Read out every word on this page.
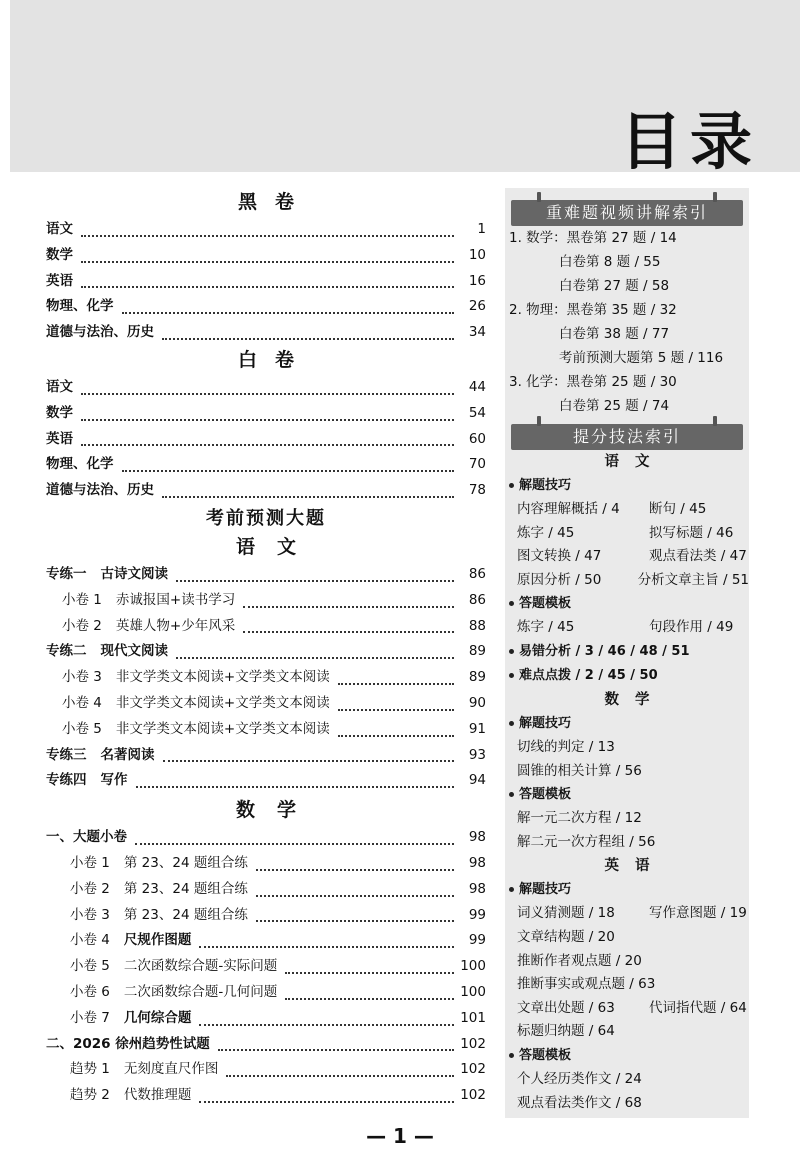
目录
黑卷
语文	1
数学	10
英语	16
物理、化学	26
道德与法治、历史	34
白卷
语文	44
数学	54
英语	60
物理、化学	70
道德与法治、历史	78
考前预测大题
语文
专练一 古诗文阅读	86
小卷 1 赤诚报国+读书学习	86
小卷 2 英雄人物+少年风采	88
专练二 现代文阅读	89
小卷 3 非文学类文本阅读+文学类文本阅读	89
小卷 4 非文学类文本阅读+文学类文本阅读	90
小卷 5 非文学类文本阅读+文学类文本阅读	91
专练三 名著阅读	93
专练四 写作	94
数学
一、大题小卷	98
小卷 1 第 23、24 题组合练	98
小卷 2 第 23、24 题组合练	98
小卷 3 第 23、24 题组合练	99
小卷 4 尺规作图题	99
小卷 5 二次函数综合题-实际问题	100
小卷 6 二次函数综合题-几何问题	100
小卷 7 几何综合题	101
二、2026 徐州趋势性试题	102
趋势 1 无刻度直尺作图	102
趋势 2 代数推理题	102
重难题视频讲解索引
1. 数学：黑卷第 27 题 / 14
白卷第 8 题 / 55
白卷第 27 题 / 58
2. 物理：黑卷第 35 题 / 32
白卷第 38 题 / 77
考前预测大题第 5 题 / 116
3. 化学：黑卷第 25 题 / 30
白卷第 25 题 / 74
提分技法索引
语文
解题技巧
内容理解概括 / 4	断句 / 45
炼字 / 45	拟写标题 / 46
图文转换 / 47	观点看法类 / 47
原因分析 / 50	分析文章主旨 / 51
答题模板
炼字 / 45	句段作用 / 49
易错分析 / 3 / 46 / 48 / 51
难点点拨 / 2 / 45 / 50
数学
解题技巧
切线的判定 / 13
圆锥的相关计算 / 56
答题模板
解一元二次方程 / 12
解二元一次方程组 / 56
英语
解题技巧
词义猜测题 / 18	写作意图题 / 19
文章结构题 / 20
推断作者观点题 / 20
推断事实或观点题 / 63
文章出处题 / 63	代词指代题 / 64
标题归纳题 / 64
答题模板
个人经历类作文 / 24
观点看法类作文 / 68
— 1 —
